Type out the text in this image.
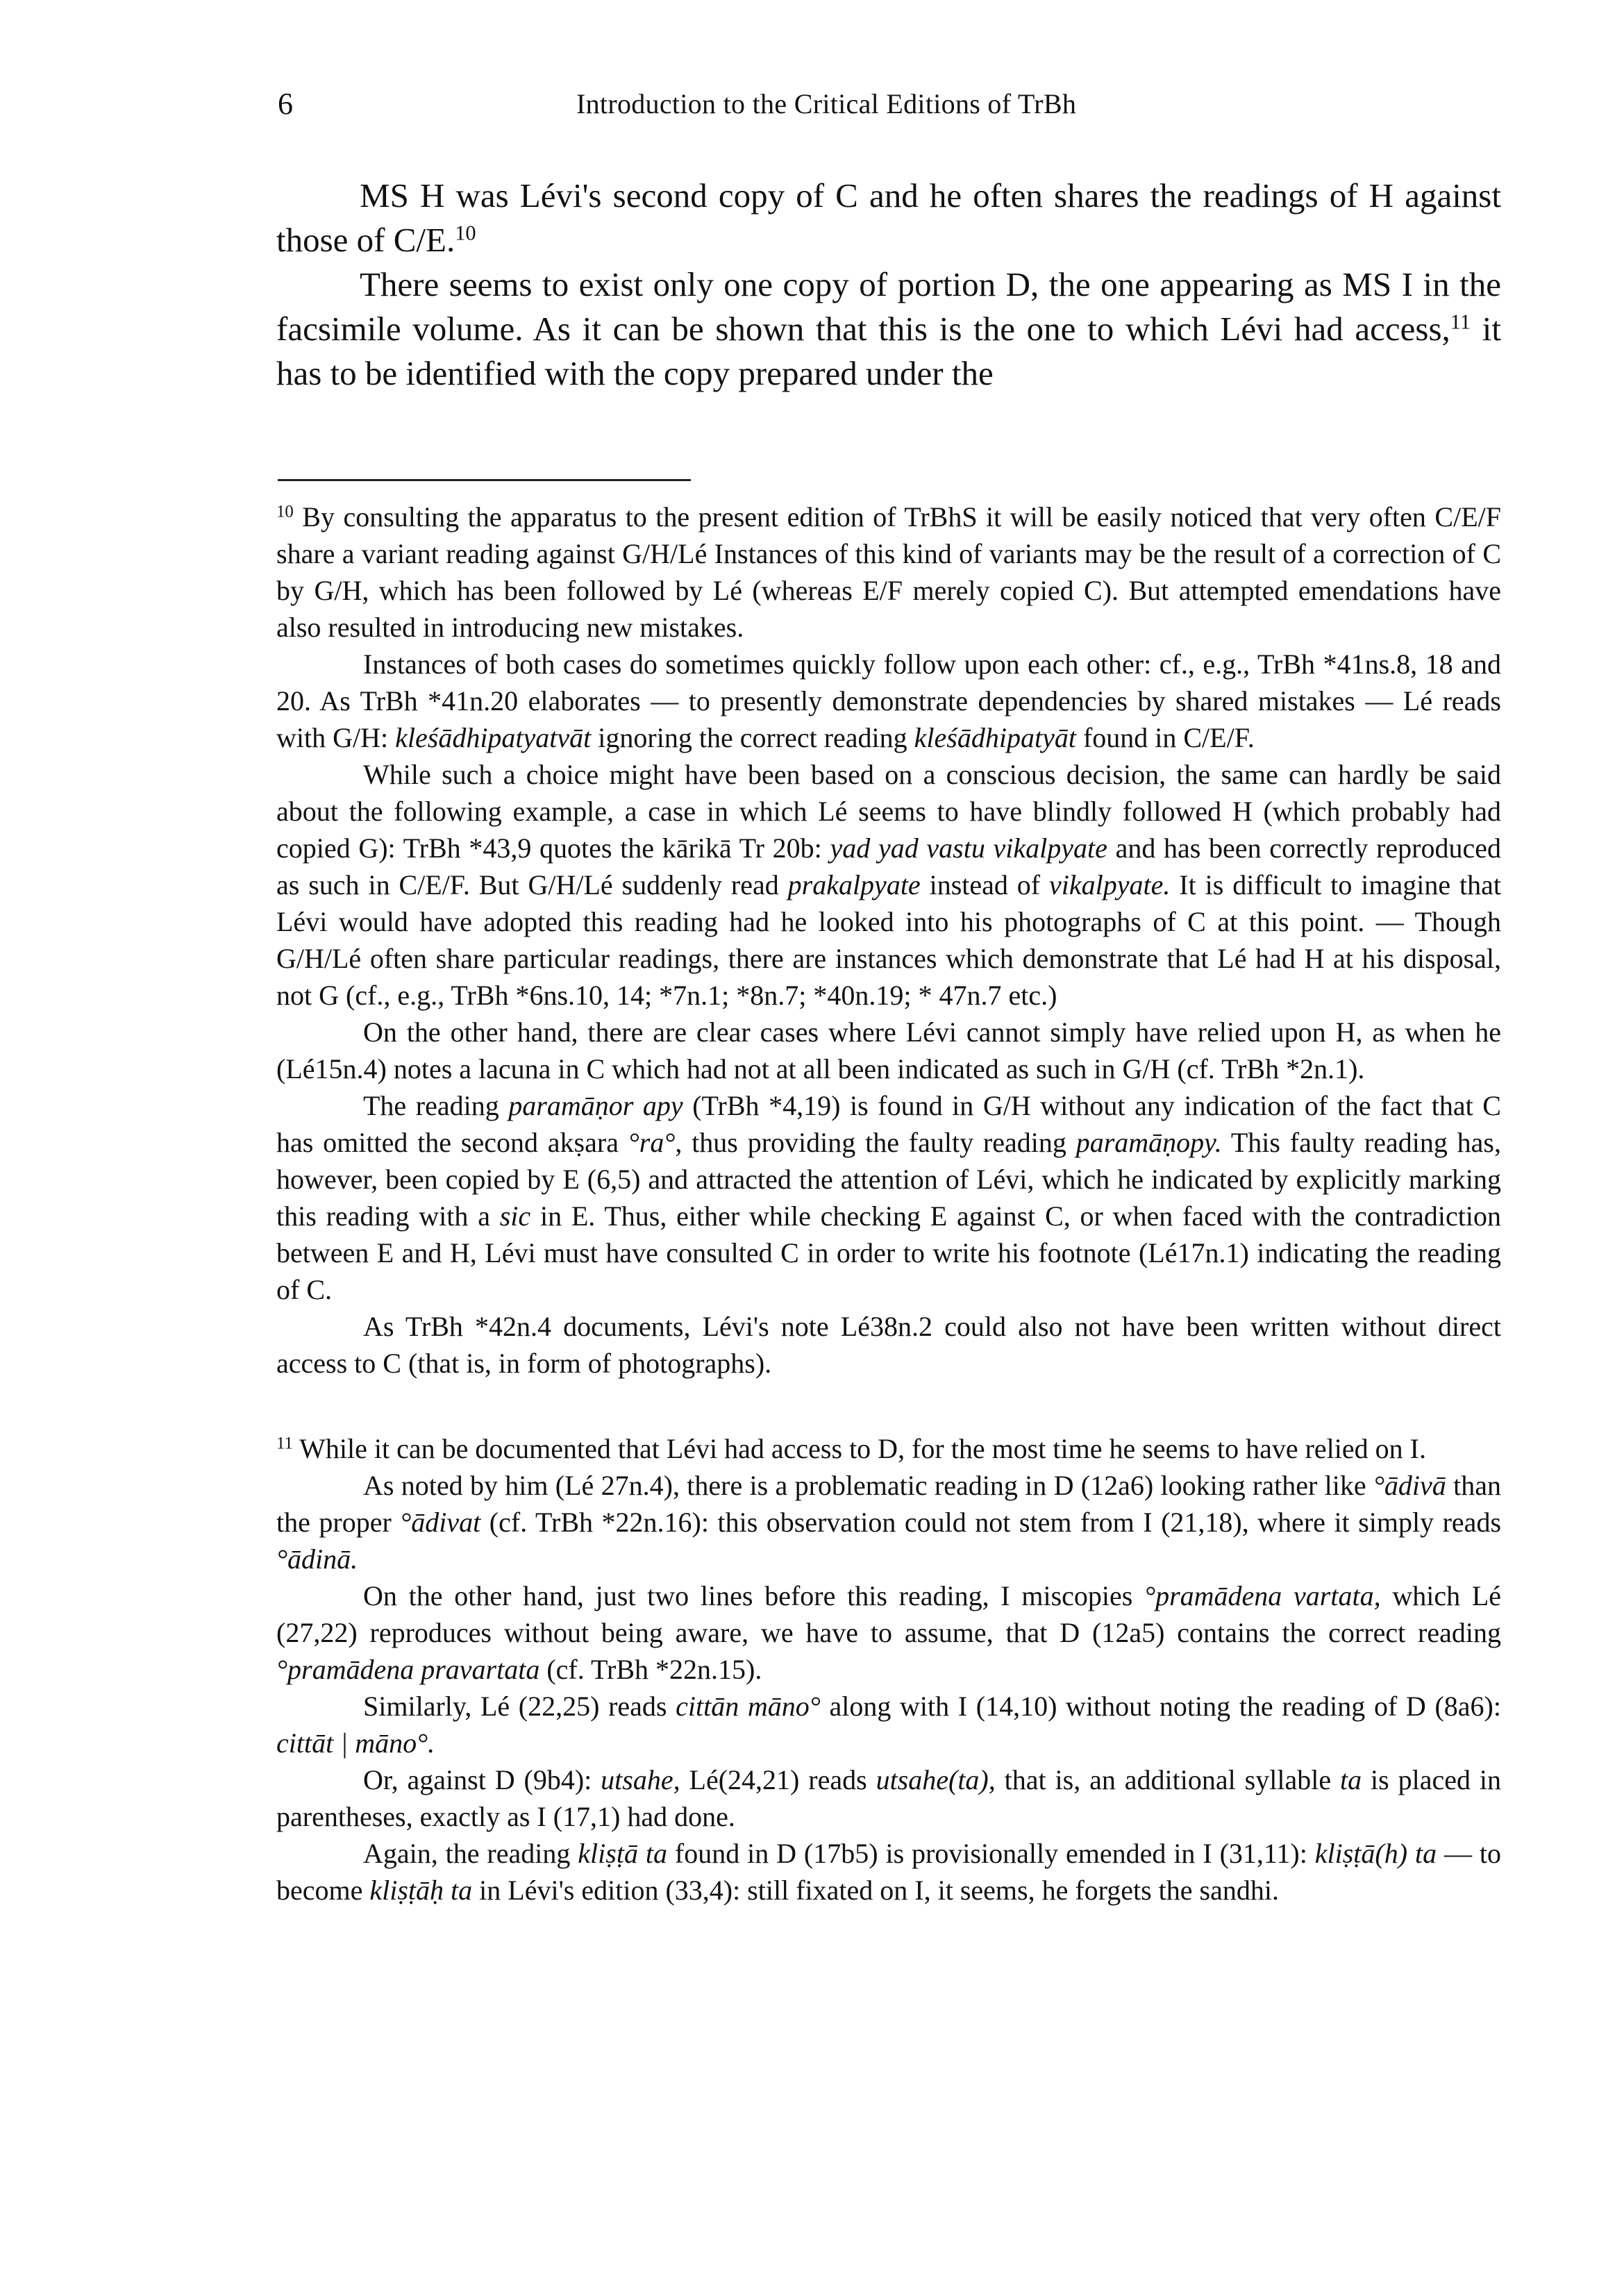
6	Introduction to the Critical Editions of TrBh

MS H was Lévi's second copy of C and he often shares the readings of H against those of C/E.$^{10}$

There seems to exist only one copy of portion D, the one appearing as MS I in the facsimile volume. As it can be shown that this is the one to which Lévi had access,$^{11}$ it has to be identified with the copy prepared under the

$^{10}$ By consulting the apparatus to the present edition of TrBhS it will be easily noticed that very often C/E/F share a variant reading against G/H/Lé Instances of this kind of variants may be the result of a correction of C by G/H, which has been followed by Lé (whereas E/F merely copied C). But attempted emendations have also resulted in introducing new mistakes.

Instances of both cases do sometimes quickly follow upon each other: cf., e.g., TrBh *41ns.8, 18 and 20. As TrBh *41n.20 elaborates — to presently demonstrate dependencies by shared mistakes — Lé reads with G/H: kleśādhipatyatvāt ignoring the correct reading kleśādhipatyāt found in C/E/F.

While such a choice might have been based on a conscious decision, the same can hardly be said about the following example, a case in which Lé seems to have blindly followed H (which probably had copied G): TrBh *43,9 quotes the kārikā Tr 20b: yad yad vastu vikalpyate and has been correctly reproduced as such in C/E/F. But G/H/Lé suddenly read prakalpyate instead of vikalpyate. It is difficult to imagine that Lévi would have adopted this reading had he looked into his photographs of C at this point. — Though G/H/Lé often share particular readings, there are instances which demonstrate that Lé had H at his disposal, not G (cf., e.g., TrBh *6ns.10, 14; *7n.1; *8n.7; *40n.19; * 47n.7 etc.)

On the other hand, there are clear cases where Lévi cannot simply have relied upon H, as when he (Lé15n.4) notes a lacuna in C which had not at all been indicated as such in G/H (cf. TrBh *2n.1).

The reading paramāṇor apy (TrBh *4,19) is found in G/H without any indication of the fact that C has omitted the second akṣara °ra°, thus providing the faulty reading paramāṇopy. This faulty reading has, however, been copied by E (6,5) and attracted the attention of Lévi, which he indicated by explicitly marking this reading with a sic in E. Thus, either while checking E against C, or when faced with the contradiction between E and H, Lévi must have consulted C in order to write his footnote (Lé17n.1) indicating the reading of C.

As TrBh *42n.4 documents, Lévi's note Lé38n.2 could also not have been written without direct access to C (that is, in form of photographs).

$^{11}$ While it can be documented that Lévi had access to D, for the most time he seems to have relied on I.

As noted by him (Lé 27n.4), there is a problematic reading in D (12a6) looking rather like °ādivā than the proper °ādivat (cf. TrBh *22n.16): this observation could not stem from I (21,18), where it simply reads °ādinā.

On the other hand, just two lines before this reading, I miscopies °pramādena vartata, which Lé (27,22) reproduces without being aware, we have to assume, that D (12a5) contains the correct reading °pramādena pravartata (cf. TrBh *22n.15).

Similarly, Lé (22,25) reads cittān māno° along with I (14,10) without noting the reading of D (8a6): cittāt | māno°.

Or, against D (9b4): utsahe, Lé(24,21) reads utsahe(ta), that is, an additional syllable ta is placed in parentheses, exactly as I (17,1) had done.

Again, the reading kliṣṭā ta found in D (17b5) is provisionally emended in I (31,11): kliṣṭā(h) ta — to become kliṣṭāḥ ta in Lévi's edition (33,4): still fixated on I, it seems, he forgets the sandhi.
